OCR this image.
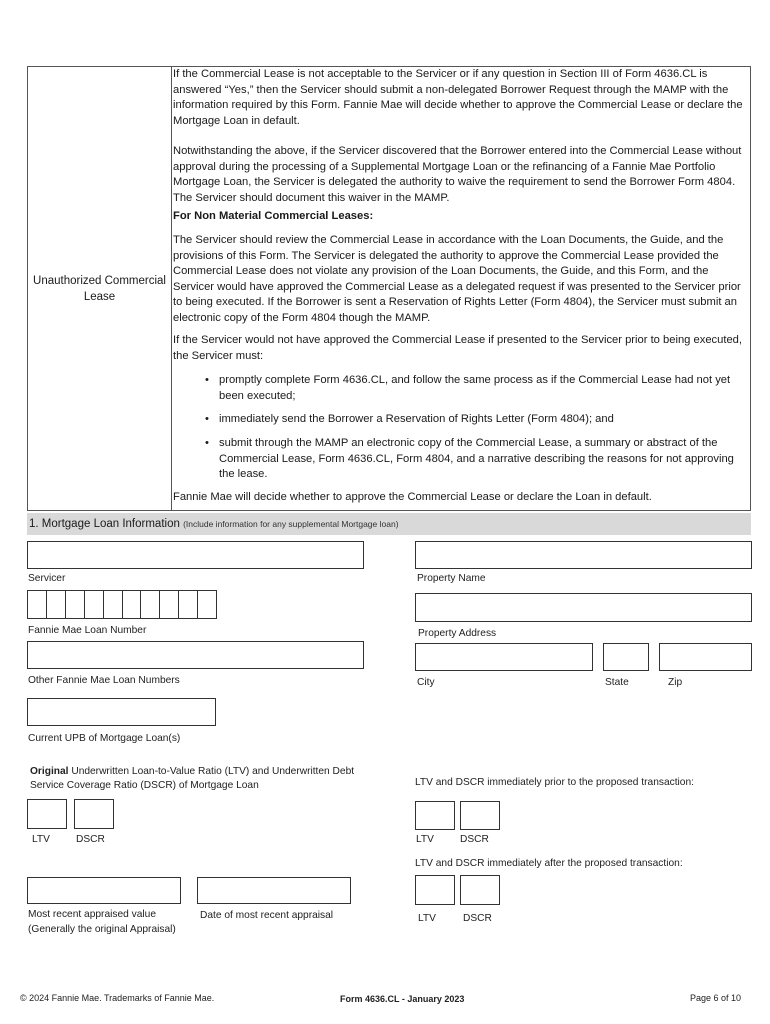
Unauthorized Commercial Lease

If the Commercial Lease is not acceptable to the Servicer or if any question in Section III of Form 4636.CL is answered “Yes,” then the Servicer should submit a non-delegated Borrower Request through the MAMP with the information required by this Form. Fannie Mae will decide whether to approve the Commercial Lease or declare the Mortgage Loan in default.

Notwithstanding the above, if the Servicer discovered that the Borrower entered into the Commercial Lease without approval during the processing of a Supplemental Mortgage Loan or the refinancing of a Fannie Mae Portfolio Mortgage Loan, the Servicer is delegated the authority to waive the requirement to send the Borrower Form 4804. The Servicer should document this waiver in the MAMP.

For Non Material Commercial Leases:

The Servicer should review the Commercial Lease in accordance with the Loan Documents, the Guide, and the provisions of this Form. The Servicer is delegated the authority to approve the Commercial Lease provided the Commercial Lease does not violate any provision of the Loan Documents, the Guide, and this Form, and the Servicer would have approved the Commercial Lease as a delegated request if was presented to the Servicer prior to being executed. If the Borrower is sent a Reservation of Rights Letter (Form 4804), the Servicer must submit an electronic copy of the Form 4804 though the MAMP.

If the Servicer would not have approved the Commercial Lease if presented to the Servicer prior to being executed, the Servicer must:

• promptly complete Form 4636.CL, and follow the same process as if the Commercial Lease had not yet been executed;
• immediately send the Borrower a Reservation of Rights Letter (Form 4804); and
• submit through the MAMP an electronic copy of the Commercial Lease, a summary or abstract of the Commercial Lease, Form 4636.CL, Form 4804, and a narrative describing the reasons for not approving the lease.

Fannie Mae will decide whether to approve the Commercial Lease or declare the Loan in default.

1. Mortgage Loan Information (Include information for any supplemental Mortgage loan)
Servicer	Property Name
Fannie Mae Loan Number	Property Address
Other Fannie Mae Loan Numbers	City	State	Zip
Current UPB of Mortgage Loan(s)
Original Underwritten Loan-to-Value Ratio (LTV) and Underwritten Debt Service Coverage Ratio (DSCR) of Mortgage Loan
LTV	DSCR
LTV and DSCR immediately prior to the proposed transaction:
LTV	DSCR
LTV and DSCR immediately after the proposed transaction:
LTV	DSCR
Most recent appraised value
(Generally the original Appraisal)
Date of most recent appraisal
© 2024 Fannie Mae. Trademarks of Fannie Mae.	Form 4636.CL - January 2023	Page 6 of 10
